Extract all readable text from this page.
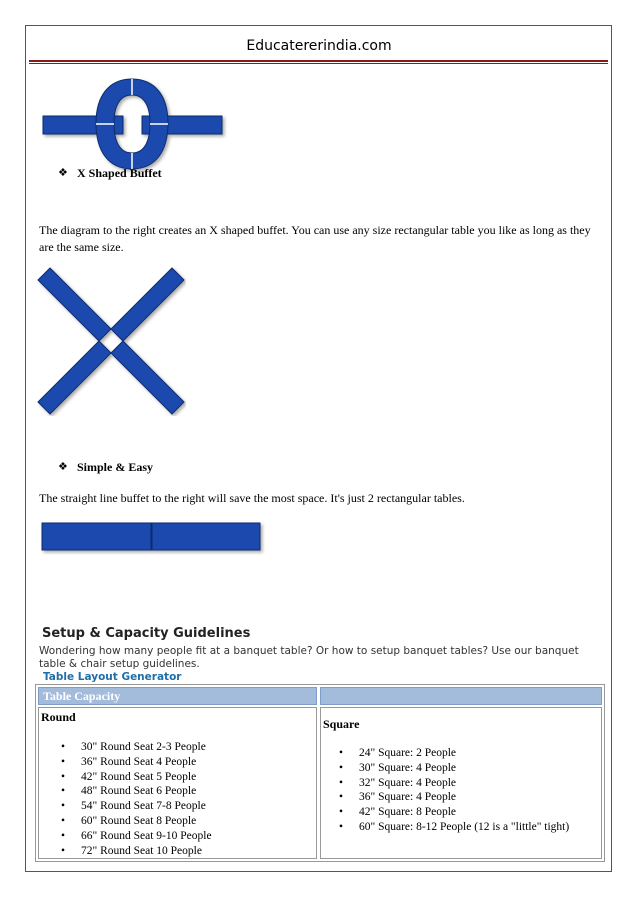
Educatererindia.com
❖ X Shaped Buffet
The diagram to the right creates an X shaped buffet. You can use any size rectangular table you like as long as they are the same size.
❖ Simple & Easy
The straight line buffet to the right will save the most space. It's just 2 rectangular tables.
Setup & Capacity Guidelines
Wondering how many people fit at a banquet table? Or how to setup banquet tables? Use our banquet table & chair setup guidelines.
Table Layout Generator
Table Capacity
Round
• 30" Round Seat 2-3 People
• 36" Round Seat 4 People
• 42" Round Seat 5 People
• 48" Round Seat 6 People
• 54" Round Seat 7-8 People
• 60" Round Seat 8 People
• 66" Round Seat 9-10 People
• 72" Round Seat 10 People
Square
• 24" Square: 2 People
• 30" Square: 4 People
• 32" Square: 4 People
• 36" Square: 4 People
• 42" Square: 8 People
• 60" Square: 8-12 People (12 is a "little" tight)
